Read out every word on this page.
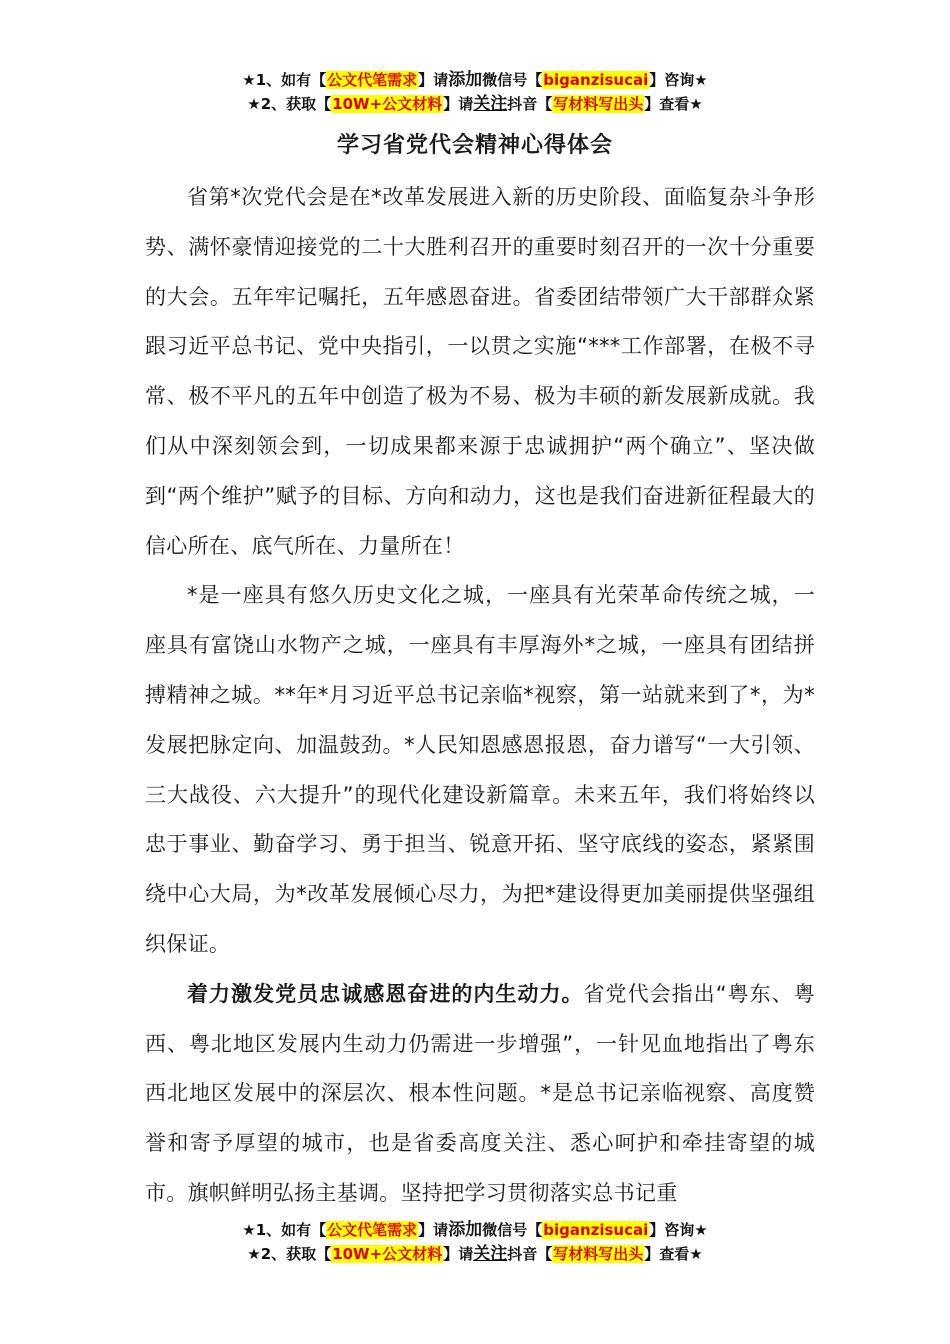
★1、如有【公文代笔需求】请添加微信号【biganzisucai】咨询★
★2、获取【10W+公文材料】请关注抖音【写材料写出头】查看★
学习省党代会精神心得体会

省第*次党代会是在*改革发展进入新的历史阶段、面临复杂斗争形势、满怀豪情迎接党的二十大胜利召开的重要时刻召开的一次十分重要的大会。五年牢记嘱托，五年感恩奋进。省委团结带领广大干部群众紧跟习近平总书记、党中央指引，一以贯之实施“***工作部署，在极不寻常、极不平凡的五年中创造了极为不易、极为丰硕的新发展新成就。我们从中深刻领会到，一切成果都来源于忠诚拥护“两个确立”、坚决做到“两个维护”赋予的目标、方向和动力，这也是我们奋进新征程最大的信心所在、底气所在、力量所在！

*是一座具有悠久历史文化之城，一座具有光荣革命传统之城，一座具有富饶山水物产之城，一座具有丰厚海外*之城，一座具有团结拼搏精神之城。**年*月习近平总书记亲临*视察，第一站就来到了*，为*发展把脉定向、加温鼓劲。*人民知恩感恩报恩，奋力谱写“一大引领、三大战役、六大提升”的现代化建设新篇章。未来五年，我们将始终以忠于事业、勤奋学习、勇于担当、锐意开拓、坚守底线的姿态，紧紧围绕中心大局，为*改革发展倾心尽力，为把*建设得更加美丽提供坚强组织保证。

着力激发党员忠诚感恩奋进的内生动力。省党代会指出“粤东、粤西、粤北地区发展内生动力仍需进一步增强”，一针见血地指出了粤东西北地区发展中的深层次、根本性问题。*是总书记亲临视察、高度赞誉和寄予厚望的城市，也是省委高度关注、悉心呵护和牵挂寄望的城市。旗帜鲜明弘扬主基调。坚持把学习贯彻落实总书记重

★1、如有【公文代笔需求】请添加微信号【biganzisucai】咨询★
★2、获取【10W+公文材料】请关注抖音【写材料写出头】查看★
